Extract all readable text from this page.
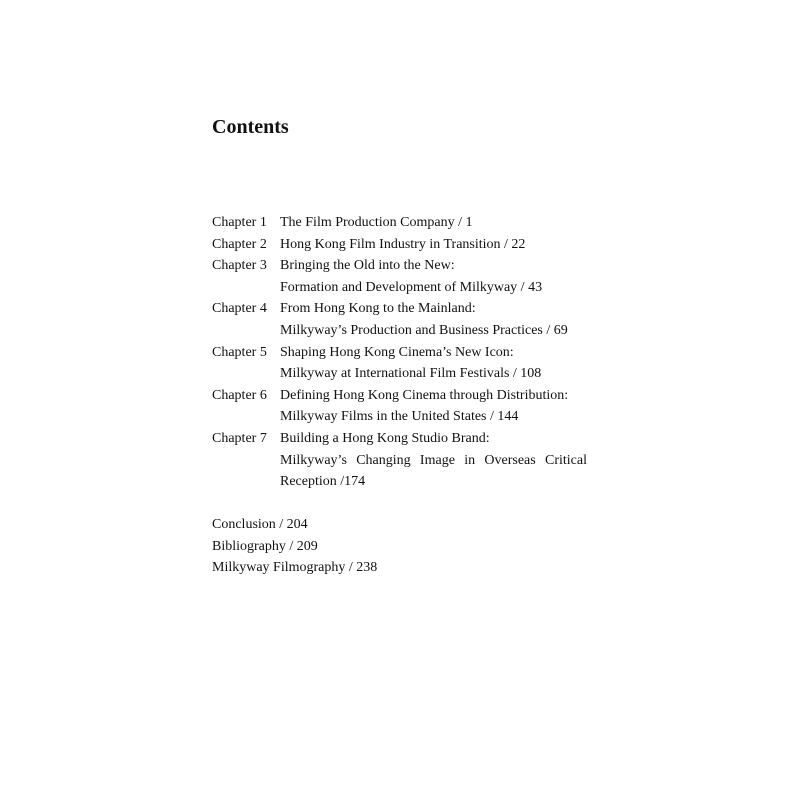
Contents
Chapter 1 The Film Production Company / 1
Chapter 2 Hong Kong Film Industry in Transition / 22
Chapter 3 Bringing the Old into the New:
Formation and Development of Milkyway / 43
Chapter 4 From Hong Kong to the Mainland:
Milkyway’s Production and Business Practices / 69
Chapter 5 Shaping Hong Kong Cinema’s New Icon:
Milkyway at International Film Festivals / 108
Chapter 6 Defining Hong Kong Cinema through Distribution:
Milkyway Films in the United States / 144
Chapter 7 Building a Hong Kong Studio Brand:
Milkyway’s Changing Image in Overseas Critical
Reception /174
Conclusion / 204
Bibliography / 209
Milkyway Filmography / 238
